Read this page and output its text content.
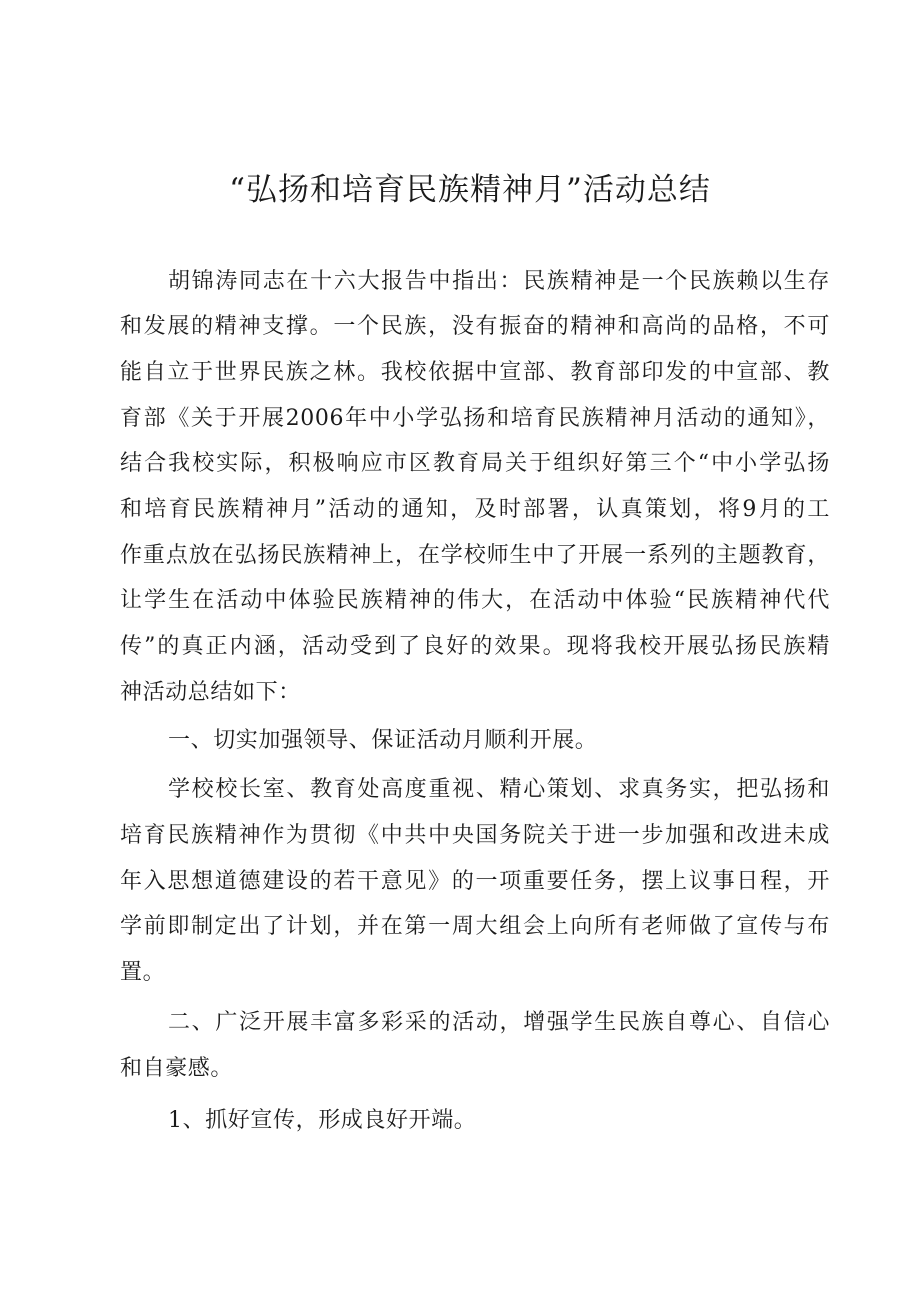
“弘扬和培育民族精神月”活动总结
胡锦涛同志在十六大报告中指出：民族精神是一个民族赖以生存
和发展的精神支撑。一个民族，没有振奋的精神和高尚的品格，不可
能自立于世界民族之林。我校依据中宣部、教育部印发的中宣部、教
育部《关于开展2006年中小学弘扬和培育民族精神月活动的通知》，
结合我校实际，积极响应市区教育局关于组织好第三个“中小学弘扬
和培育民族精神月”活动的通知，及时部署，认真策划，将9月的工
作重点放在弘扬民族精神上，在学校师生中了开展一系列的主题教育，
让学生在活动中体验民族精神的伟大，在活动中体验“民族精神代代
传”的真正内涵，活动受到了良好的效果。现将我校开展弘扬民族精
神活动总结如下：
一、切实加强领导、保证活动月顺利开展。
学校校长室、教育处高度重视、精心策划、求真务实，把弘扬和
培育民族精神作为贯彻《中共中央国务院关于进一步加强和改进未成
年入思想道德建设的若干意见》的一项重要任务，摆上议事日程，开
学前即制定出了计划，并在第一周大组会上向所有老师做了宣传与布
置。
二、广泛开展丰富多彩采的活动，增强学生民族自尊心、自信心
和自豪感。
1、抓好宣传，形成良好开端。
